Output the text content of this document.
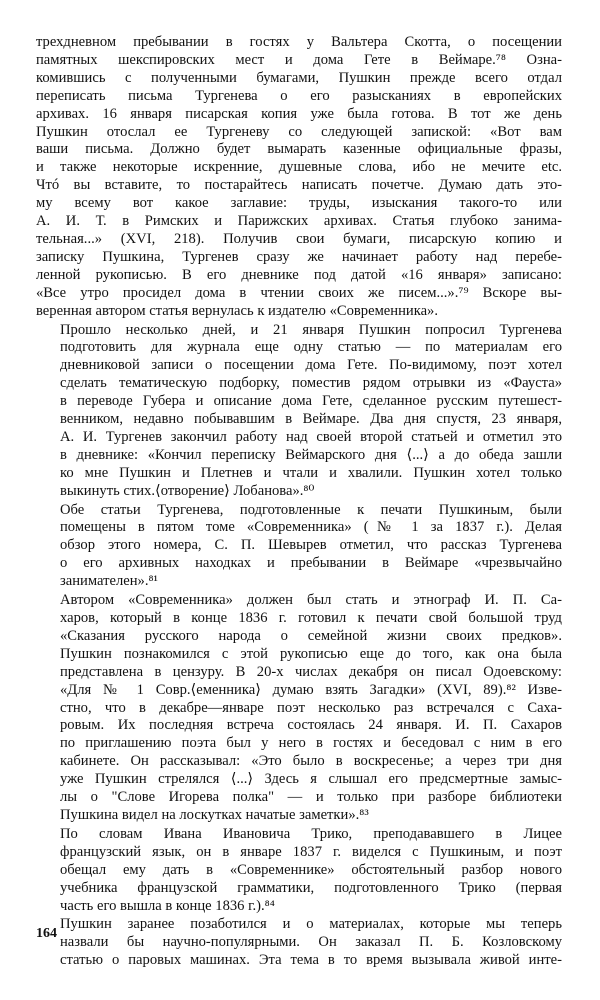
трехдневном пребывании в гостях у Вальтера Скотта, о посещении
памятных шекспировских мест и дома Гете в Веймаре.⁷⁸ Озна-
комившись с полученными бумагами, Пушкин прежде всего отдал
переписать письма Тургенева о его разысканиях в европейских
архивах. 16 января писарская копия уже была готова. В тот же день
Пушкин отослал ее Тургеневу со следующей запиской: «Вот вам
ваши письма. Должно будет вымарать казенные официальные фразы,
и также некоторые искренние, душевные слова, ибо не мечите etc.
Чтó вы вставите, то постарайтесь написать почетче. Думаю дать это-
му всему вот какое заглавие: труды, изыскания такого-то или
А. И. Т. в Римских и Парижских архивах. Статья глубоко занима-
тельная...» (XVI, 218). Получив свои бумаги, писарскую копию и
записку Пушкина, Тургенев сразу же начинает работу над перебе-
ленной рукописью. В его дневнике под датой «16 января» записано:
«Все утро просидел дома в чтении своих же писем...».⁷⁹ Вскоре вы-
веренная автором статья вернулась к издателю «Современника».

Прошло несколько дней, и 21 января Пушкин попросил Тургенева
подготовить для журнала еще одну статью — по материалам его
дневниковой записи о посещении дома Гете. По-видимому, поэт хотел
сделать тематическую подборку, поместив рядом отрывки из «Фауста»
в переводе Губера и описание дома Гете, сделанное русским путешест-
венником, недавно побывавшим в Веймаре. Два дня спустя, 23 января,
А. И. Тургенев закончил работу над своей второй статьей и отметил это
в дневнике: «Кончил переписку Веймарского дня ⟨...⟩ а до обеда зашли
ко мне Пушкин и Плетнев и чтали и хвалили. Пушкин хотел только
выкинуть стих.⟨отворение⟩ Лобанова».⁸⁰

Обе статьи Тургенева, подготовленные к печати Пушкиным, были
помещены в пятом томе «Современника» (№ 1 за 1837 г.). Делая
обзор этого номера, С. П. Шевырев отметил, что рассказ Тургенева
о его архивных находках и пребывании в Веймаре «чрезвычайно
занимателен».⁸¹

Автором «Современника» должен был стать и этнограф И. П. Са-
харов, который в конце 1836 г. готовил к печати свой большой труд
«Сказания русского народа о семейной жизни своих предков».
Пушкин познакомился с этой рукописью еще до того, как она была
представлена в цензуру. В 20-х числах декабря он писал Одоевскому:
«Для № 1 Совр.⟨еменника⟩ думаю взять Загадки» (XVI, 89).⁸² Изве-
стно, что в декабре—январе поэт несколько раз встречался с Саха-
ровым. Их последняя встреча состоялась 24 января. И. П. Сахаров
по приглашению поэта был у него в гостях и беседовал с ним в его
кабинете. Он рассказывал: «Это было в воскресенье; а через три дня
уже Пушкин стрелялся ⟨...⟩ Здесь я слышал его предсмертные замыс-
лы о "Слове Игорева полка" — и только при разборе библиотеки
Пушкина видел на лоскутках начатые заметки».⁸³

По словам Ивана Ивановича Трико, преподававшего в Лицее
французский язык, он в январе 1837 г. виделся с Пушкиным, и поэт
обещал ему дать в «Современнике» обстоятельный разбор нового
учебника французской грамматики, подготовленного Трико (первая
часть его вышла в конце 1836 г.).⁸⁴

Пушкин заранее позаботился и о материалах, которые мы теперь
назвали бы научно-популярными. Он заказал П. Б. Козловскому
статью о паровых машинах. Эта тема в то время вызывала живой инте-

164
